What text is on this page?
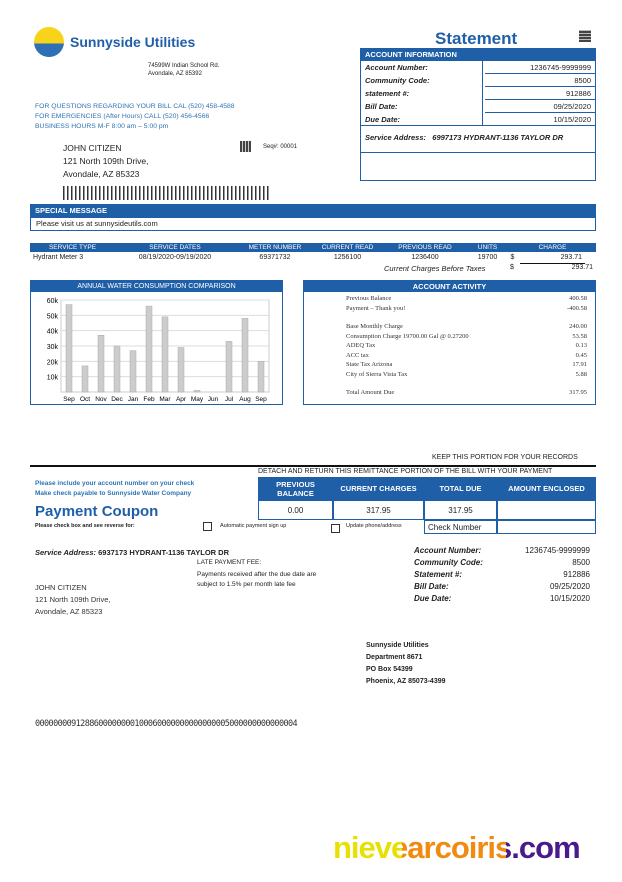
Sunnyside Utilities
74599W Indian School Rd.
Avondale, AZ 85392
FOR QUESTIONS REGARDING YOUR BILL CAL (520) 458-4588
FOR EMERGENCIES (After Hours) CALL (520) 456-4566
BUSINESS HOURS M-F 8:00 am – 5:00 pm
JOHN CITIZEN
121 North 109th Drive,
Avondale, AZ 85323
Seq#: 00001
Statement
ACCOUNT INFORMATION
Account Number:	1236745-9999999
Community Code:	8500
statement #:	912886
Bill Date:	09/25/2020
Due Date:	10/15/2020
Service Address: 6997173 HYDRANT-1136 TAYLOR DR
SPECIAL MESSAGE
Please visit us at sunnysideutils.com
SERVICE TYPE	SERVICE DATES	METER NUMBER	CURRENT READ	PREVIOUS READ	UNITS	CHARGE
Hydrant Meter 3	08/19/2020-09/19/2020	69371732	1256100	1236400	19700	$	293.71
Current Charges Before Taxes	$	293.71
ANNUAL WATER CONSUMPTION COMPARISON
10k
20k
30k
40k
50k
60k
Sep Oct Nov Dec Jan Feb Mar Apr May Jun Jul Aug Sep
ACCOUNT ACTIVITY
Previous Balance	400.58
Payment – Thank you!	-400.58
Base Monthly Charge	240.00
Consumption Charge 19700.00 Gal @ 0.27200	53.58
ADEQ Tax	0.13
ACC tax	0.45
State Tax Arizona	17.91
City of Sierra Vista Tax	5.88
Total Amount Due	317.95
KEEP THIS PORTION FOR YOUR RECORDS
DETACH AND RETURN THIS REMITTANCE PORTION OF THE BILL WITH YOUR PAYMENT
Please include your account number on your check
Make check payable to Sunnyside Water Company
Payment Coupon
Please check box and see reverse for:	Automatic payment sign up	Update phone/address
PREVIOUS BALANCE	CURRENT CHARGES	TOTAL DUE	AMOUNT ENCLOSED
0.00	317.95	317.95
Check Number
Service Address: 6937173 HYDRANT-1136 TAYLOR DR
LATE PAYMENT FEE:
Payments received after the due date are subject to 1.5% per month late fee
JOHN CITIZEN
121 North 109th Drive,
Avondale, AZ 85323
Account Number:	1236745-9999999
Community Code:	8500
Statement #:	912886
Bill Date:	09/25/2020
Due Date:	10/15/2020
Sunnyside Utilities
Department 8671
PO Box 54399
Phoenix, AZ 85073-4399
0000000091288600000000100060000000000000005000000000000004
nievearcoiris.com
